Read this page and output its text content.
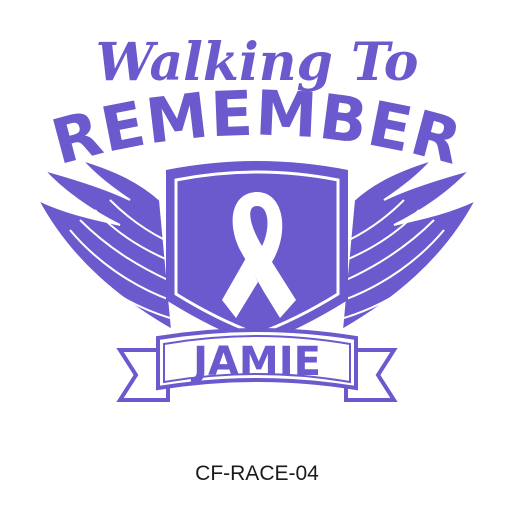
Walking To
REMEMBER
JAMIE
CF-RACE-04
